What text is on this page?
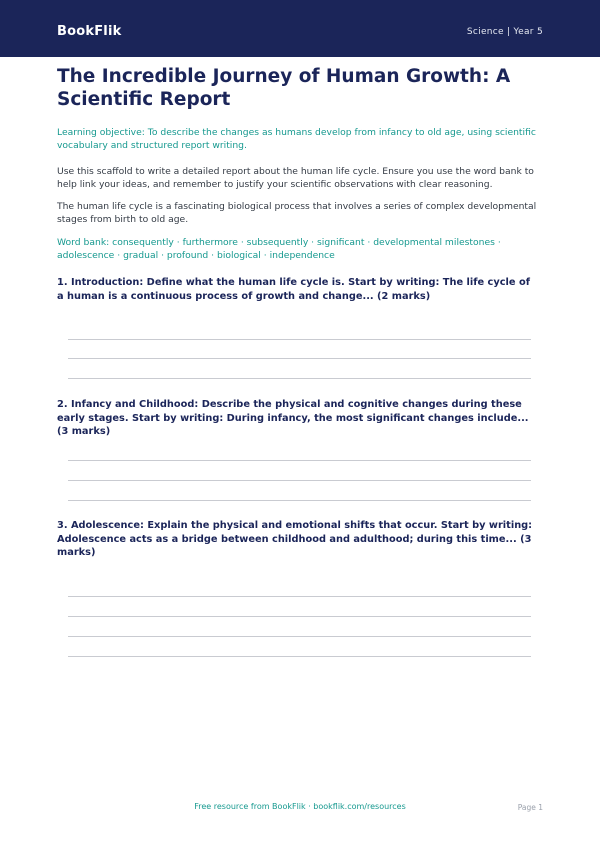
BookFlik	Science | Year 5
The Incredible Journey of Human Growth: A Scientific Report

Learning objective: To describe the changes as humans develop from infancy to old age, using scientific vocabulary and structured report writing.

Use this scaffold to write a detailed report about the human life cycle. Ensure you use the word bank to help link your ideas, and remember to justify your scientific observations with clear reasoning.

The human life cycle is a fascinating biological process that involves a series of complex developmental stages from birth to old age.

Word bank: consequently · furthermore · subsequently · significant · developmental milestones · adolescence · gradual · profound · biological · independence

1. Introduction: Define what the human life cycle is. Start by writing: The life cycle of a human is a continuous process of growth and change... (2 marks)
2. Infancy and Childhood: Describe the physical and cognitive changes during these early stages. Start by writing: During infancy, the most significant changes include... (3 marks)
3. Adolescence: Explain the physical and emotional shifts that occur. Start by writing: Adolescence acts as a bridge between childhood and adulthood; during this time... (3 marks)
Free resource from BookFlik · bookflik.com/resources	Page 1
